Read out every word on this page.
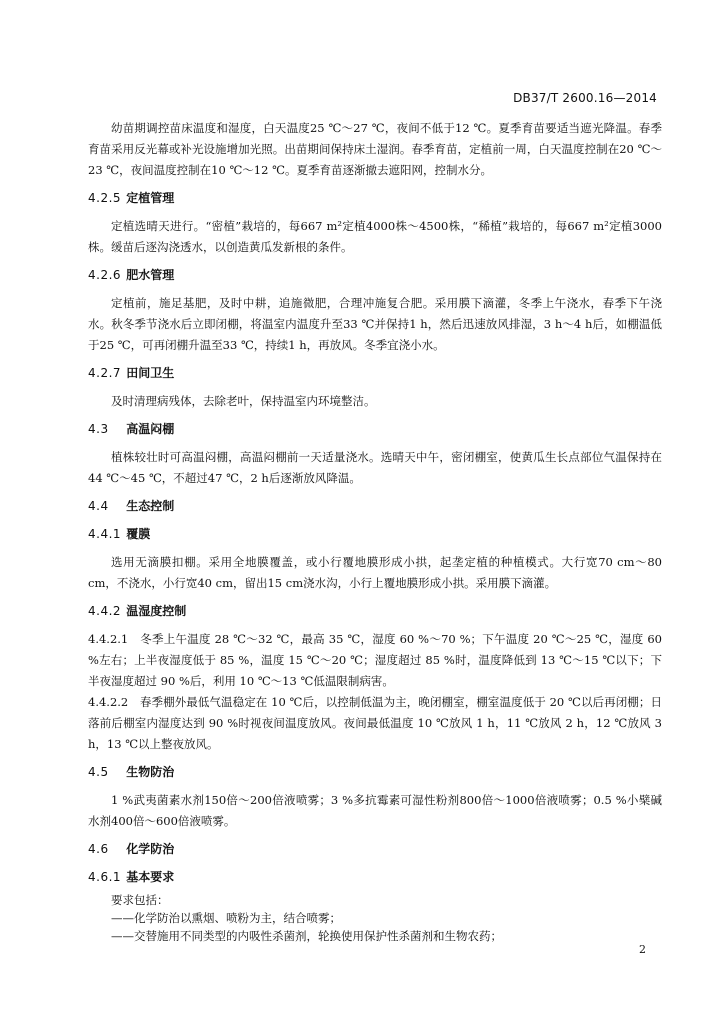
DB37/T 2600.16—2014

幼苗期调控苗床温度和湿度，白天温度25 ℃～27 ℃，夜间不低于12 ℃。夏季育苗要适当遮光降温。春季育苗采用反光幕或补光设施增加光照。出苗期间保持床土湿润。春季育苗，定植前一周，白天温度控制在20 ℃～23 ℃，夜间温度控制在10 ℃～12 ℃。夏季育苗逐渐撤去遮阳网，控制水分。

4.2.5 定植管理

定植选晴天进行。“密植”栽培的，每667 m²定植4000株～4500株，“稀植”栽培的，每667 m²定植3000株。缓苗后逐沟浇透水，以创造黄瓜发新根的条件。

4.2.6 肥水管理

定植前，施足基肥，及时中耕，追施微肥，合理冲施复合肥。采用膜下滴灌，冬季上午浇水，春季下午浇水。秋冬季节浇水后立即闭棚，将温室内温度升至33 ℃并保持1 h，然后迅速放风排湿，3 h～4 h后，如棚温低于25 ℃，可再闭棚升温至33 ℃，持续1 h，再放风。冬季宜浇小水。

4.2.7 田间卫生

及时清理病残体，去除老叶，保持温室内环境整洁。

4.3 高温闷棚

植株较壮时可高温闷棚，高温闷棚前一天适量浇水。选晴天中午，密闭棚室，使黄瓜生长点部位气温保持在44 ℃～45 ℃，不超过47 ℃，2 h后逐渐放风降温。

4.4 生态控制

4.4.1 覆膜

选用无滴膜扣棚。采用全地膜覆盖，或小行覆地膜形成小拱，起垄定植的种植模式。大行宽70 cm～80 cm，不浇水，小行宽40 cm，留出15 cm浇水沟，小行上覆地膜形成小拱。采用膜下滴灌。

4.4.2 温湿度控制

4.4.2.1　冬季上午温度 28 ℃～32 ℃，最高 35 ℃，湿度 60 %～70 %；下午温度 20 ℃～25 ℃，湿度 60 %左右；上半夜湿度低于 85 %，温度 15 ℃～20 ℃；湿度超过 85 %时，温度降低到 13 ℃～15 ℃以下；下半夜湿度超过 90 %后，利用 10 ℃～13 ℃低温限制病害。

4.4.2.2　春季棚外最低气温稳定在 10 ℃后，以控制低温为主，晚闭棚室，棚室温度低于 20 ℃以后再闭棚；日落前后棚室内湿度达到 90 %时视夜间温度放风。夜间最低温度 10 ℃放风 1 h，11 ℃放风 2 h，12 ℃放风 3 h，13 ℃以上整夜放风。

4.5 生物防治

1 %武夷菌素水剂150倍～200倍液喷雾；3 %多抗霉素可湿性粉剂800倍～1000倍液喷雾；0.5 %小檗碱水剂400倍～600倍液喷雾。

4.6 化学防治

4.6.1 基本要求

要求包括：

——化学防治以熏烟、喷粉为主，结合喷雾；

——交替施用不同类型的内吸性杀菌剂，轮换使用保护性杀菌剂和生物农药；

2
